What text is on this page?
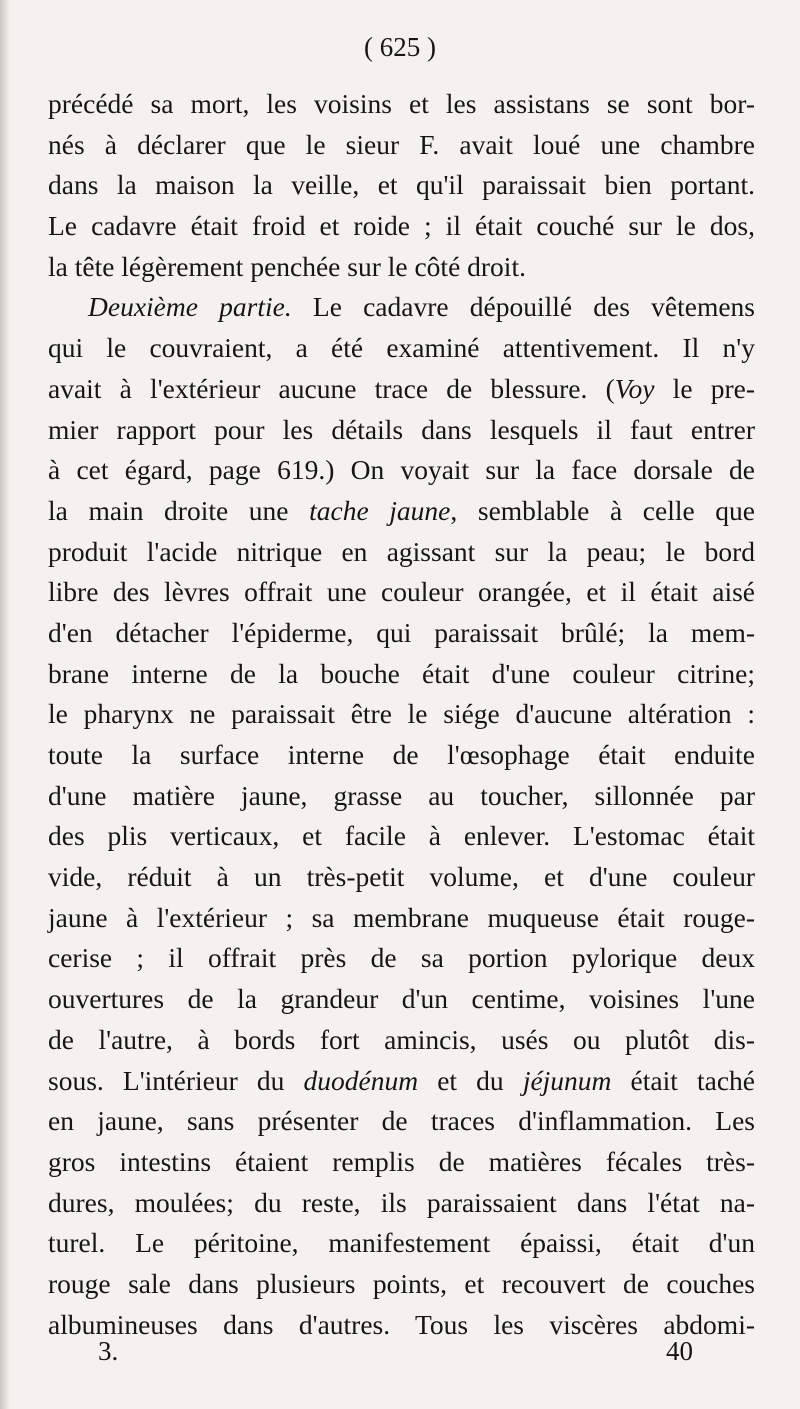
( 625 )
précédé sa mort, les voisins et les assistans se sont bor-
nés à déclarer que le sieur F. avait loué une chambre
dans la maison la veille, et qu'il paraissait bien portant.
Le cadavre était froid et roide ; il était couché sur le dos,
la tête légèrement penchée sur le côté droit.
Deuxième partie. Le cadavre dépouillé des vêtemens
qui le couvraient, a été examiné attentivement. Il n'y
avait à l'extérieur aucune trace de blessure. (Voy le pre-
mier rapport pour les détails dans lesquels il faut entrer
à cet égard, page 619.) On voyait sur la face dorsale de
la main droite une tache jaune, semblable à celle que
produit l'acide nitrique en agissant sur la peau; le bord
libre des lèvres offrait une couleur orangée, et il était aisé
d'en détacher l'épiderme, qui paraissait brûlé; la mem-
brane interne de la bouche était d'une couleur citrine;
le pharynx ne paraissait être le siége d'aucune altération :
toute la surface interne de l'œsophage était enduite
d'une matière jaune, grasse au toucher, sillonnée par
des plis verticaux, et facile à enlever. L'estomac était
vide, réduit à un très-petit volume, et d'une couleur
jaune à l'extérieur ; sa membrane muqueuse était rouge-
cerise ; il offrait près de sa portion pylorique deux
ouvertures de la grandeur d'un centime, voisines l'une
de l'autre, à bords fort amincis, usés ou plutôt dis-
sous. L'intérieur du duodénum et du jéjunum était taché
en jaune, sans présenter de traces d'inflammation. Les
gros intestins étaient remplis de matières fécales très-
dures, moulées; du reste, ils paraissaient dans l'état na-
turel. Le péritoine, manifestement épaissi, était d'un
rouge sale dans plusieurs points, et recouvert de couches
albumineuses dans d'autres. Tous les viscères abdomi-
3.	40
